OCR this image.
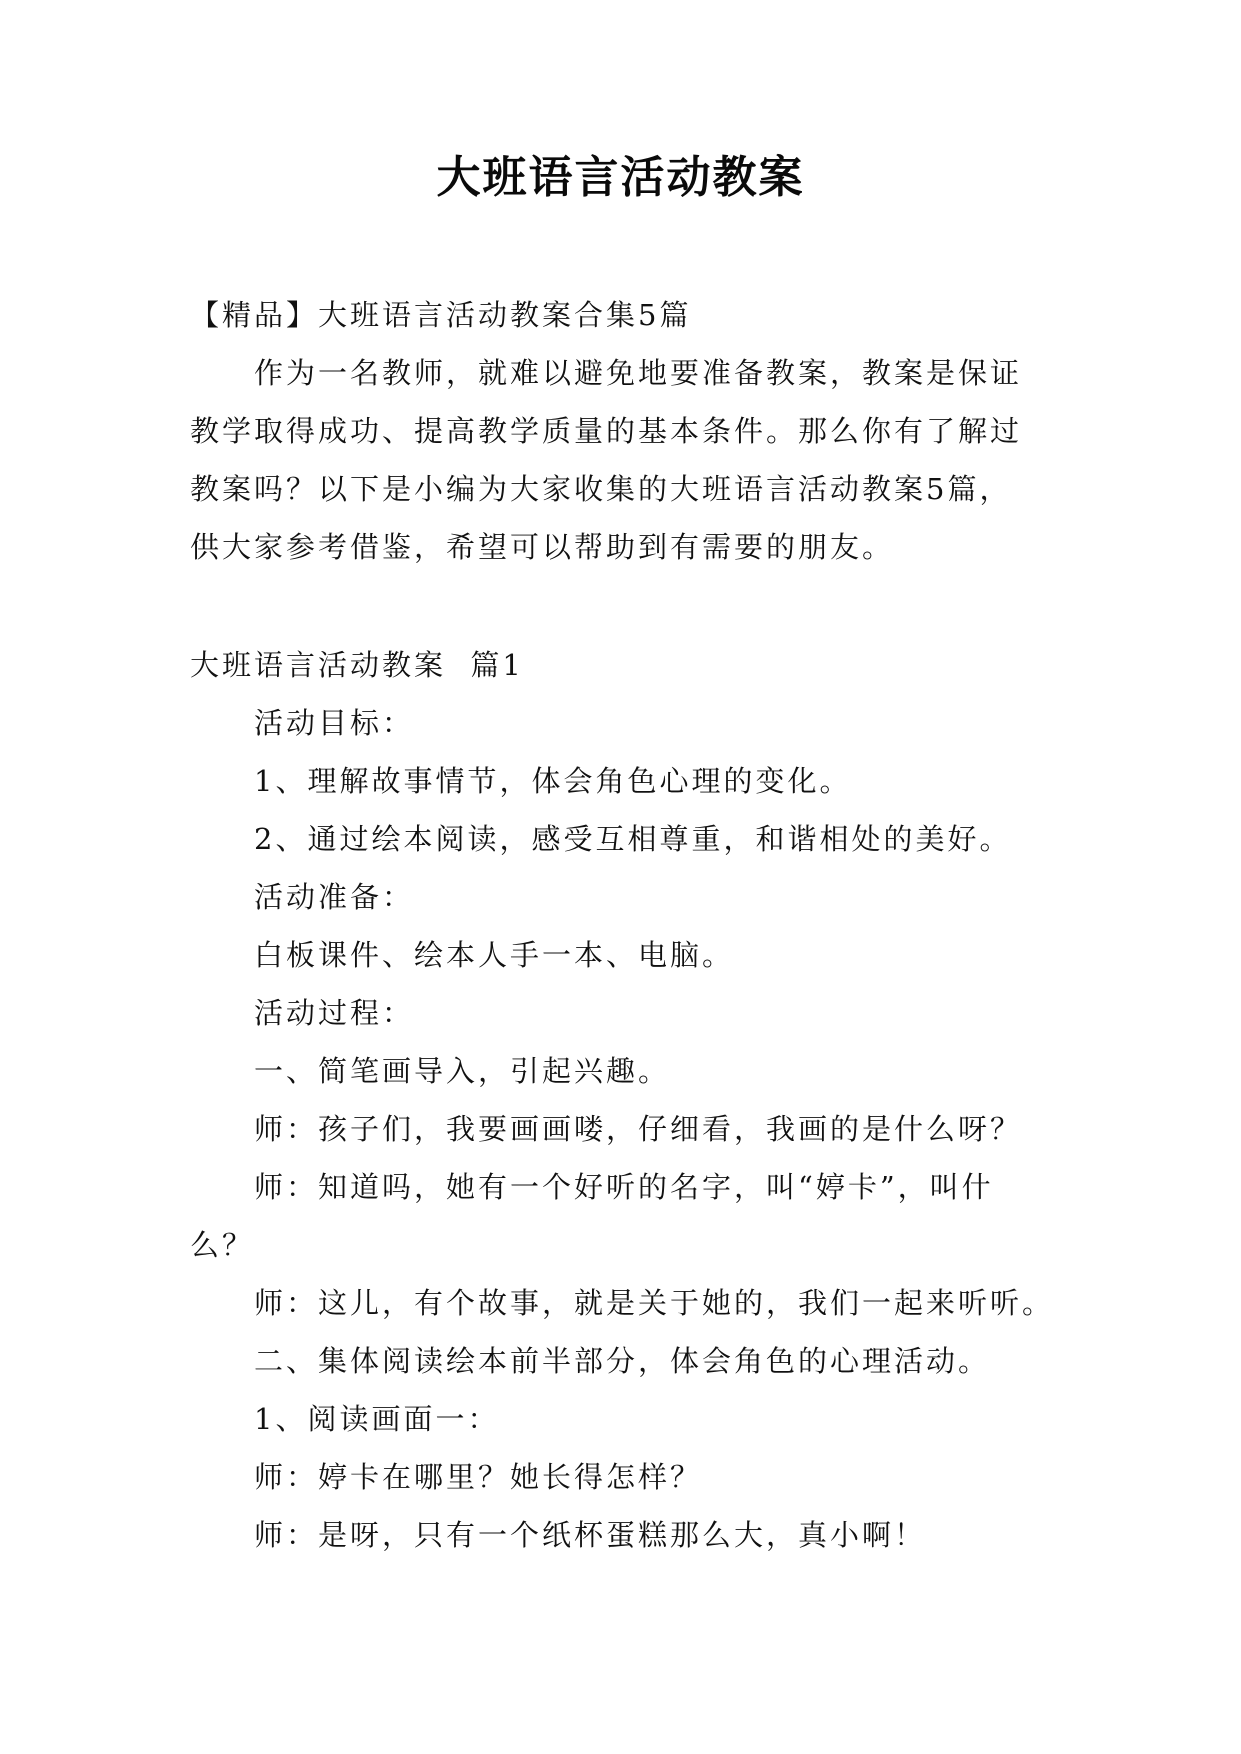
大班语言活动教案
【精品】大班语言活动教案合集5篇
作为一名教师，就难以避免地要准备教案，教案是保证
教学取得成功、提高教学质量的基本条件。那么你有了解过
教案吗？以下是小编为大家收集的大班语言活动教案5篇，
供大家参考借鉴，希望可以帮助到有需要的朋友。
大班语言活动教案  篇1
活动目标：
1、理解故事情节，体会角色心理的变化。
2、通过绘本阅读，感受互相尊重，和谐相处的美好。
活动准备：
白板课件、绘本人手一本、电脑。
活动过程：
一、简笔画导入，引起兴趣。
师：孩子们，我要画画喽，仔细看，我画的是什么呀？
师：知道吗，她有一个好听的名字，叫“婷卡”，叫什
么？
师：这儿，有个故事，就是关于她的，我们一起来听听。
二、集体阅读绘本前半部分，体会角色的心理活动。
1、阅读画面一：
师：婷卡在哪里？她长得怎样？
师：是呀，只有一个纸杯蛋糕那么大，真小啊！
